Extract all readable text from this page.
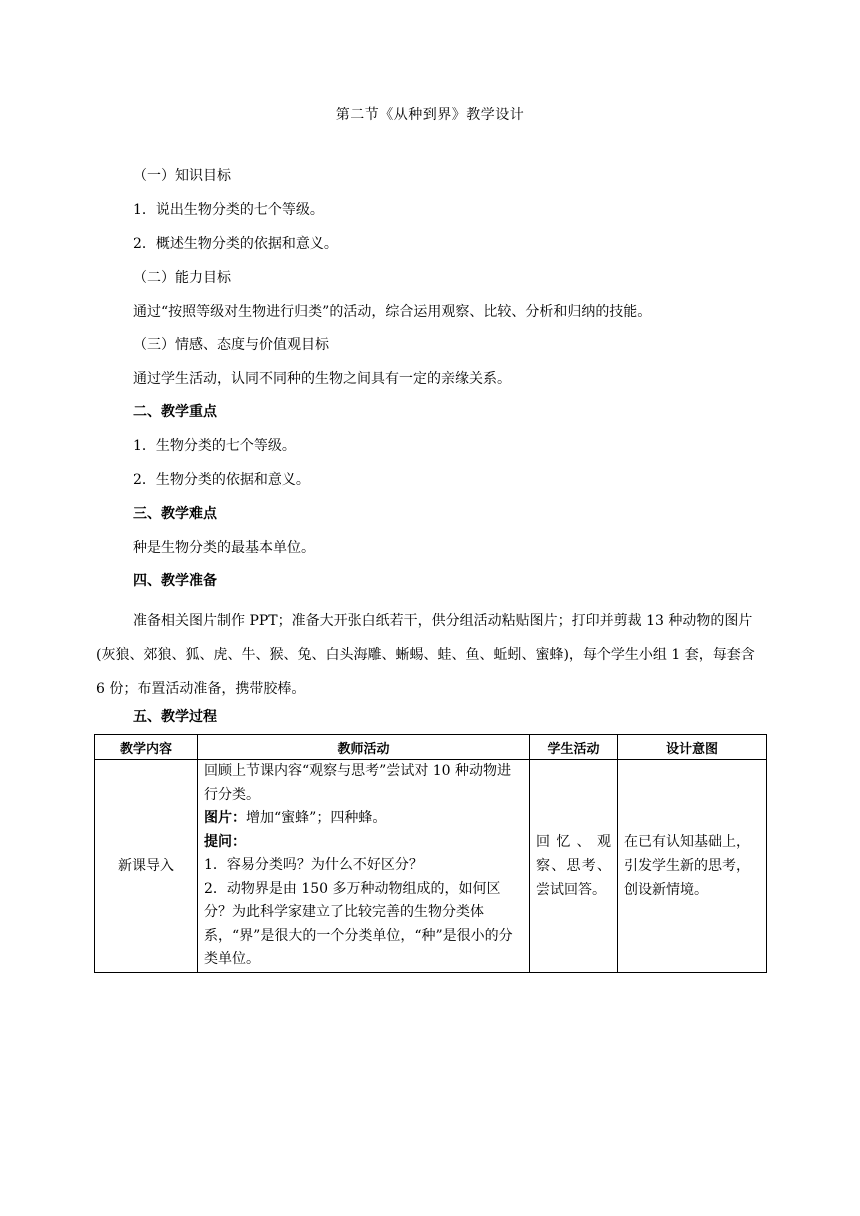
第二节《从种到界》教学设计
（一）知识目标
1．说出生物分类的七个等级。
2．概述生物分类的依据和意义。
（二）能力目标
通过“按照等级对生物进行归类”的活动，综合运用观察、比较、分析和归纳的技能。
（三）情感、态度与价值观目标
通过学生活动，认同不同种的生物之间具有一定的亲缘关系。
二、教学重点
1．生物分类的七个等级。
2．生物分类的依据和意义。
三、教学难点
种是生物分类的最基本单位。
四、教学准备
准备相关图片制作 PPT；准备大开张白纸若干，供分组活动粘贴图片；打印并剪裁 13 种动物的图片(灰狼、郊狼、狐、虎、牛、猴、兔、白头海雕、蜥蜴、蛙、鱼、蚯蚓、蜜蜂)，每个学生小组 1 套，每套含 6 份；布置活动准备，携带胶棒。
五、教学过程
教学内容	教师活动	学生活动	设计意图
新课导入	回顾上节课内容“观察与思考”尝试对 10 种动物进行分类。
图片：增加“蜜蜂”；四种蜂。
提问：
1．容易分类吗？为什么不好区分？
2．动物界是由 150 多万种动物组成的，如何区分？为此科学家建立了比较完善的生物分类体系，“界”是很大的一个分类单位，“种”是很小的分类单位。	回忆、观察、思考、尝试回答。	在已有认知基础上，引发学生新的思考，创设新情境。
